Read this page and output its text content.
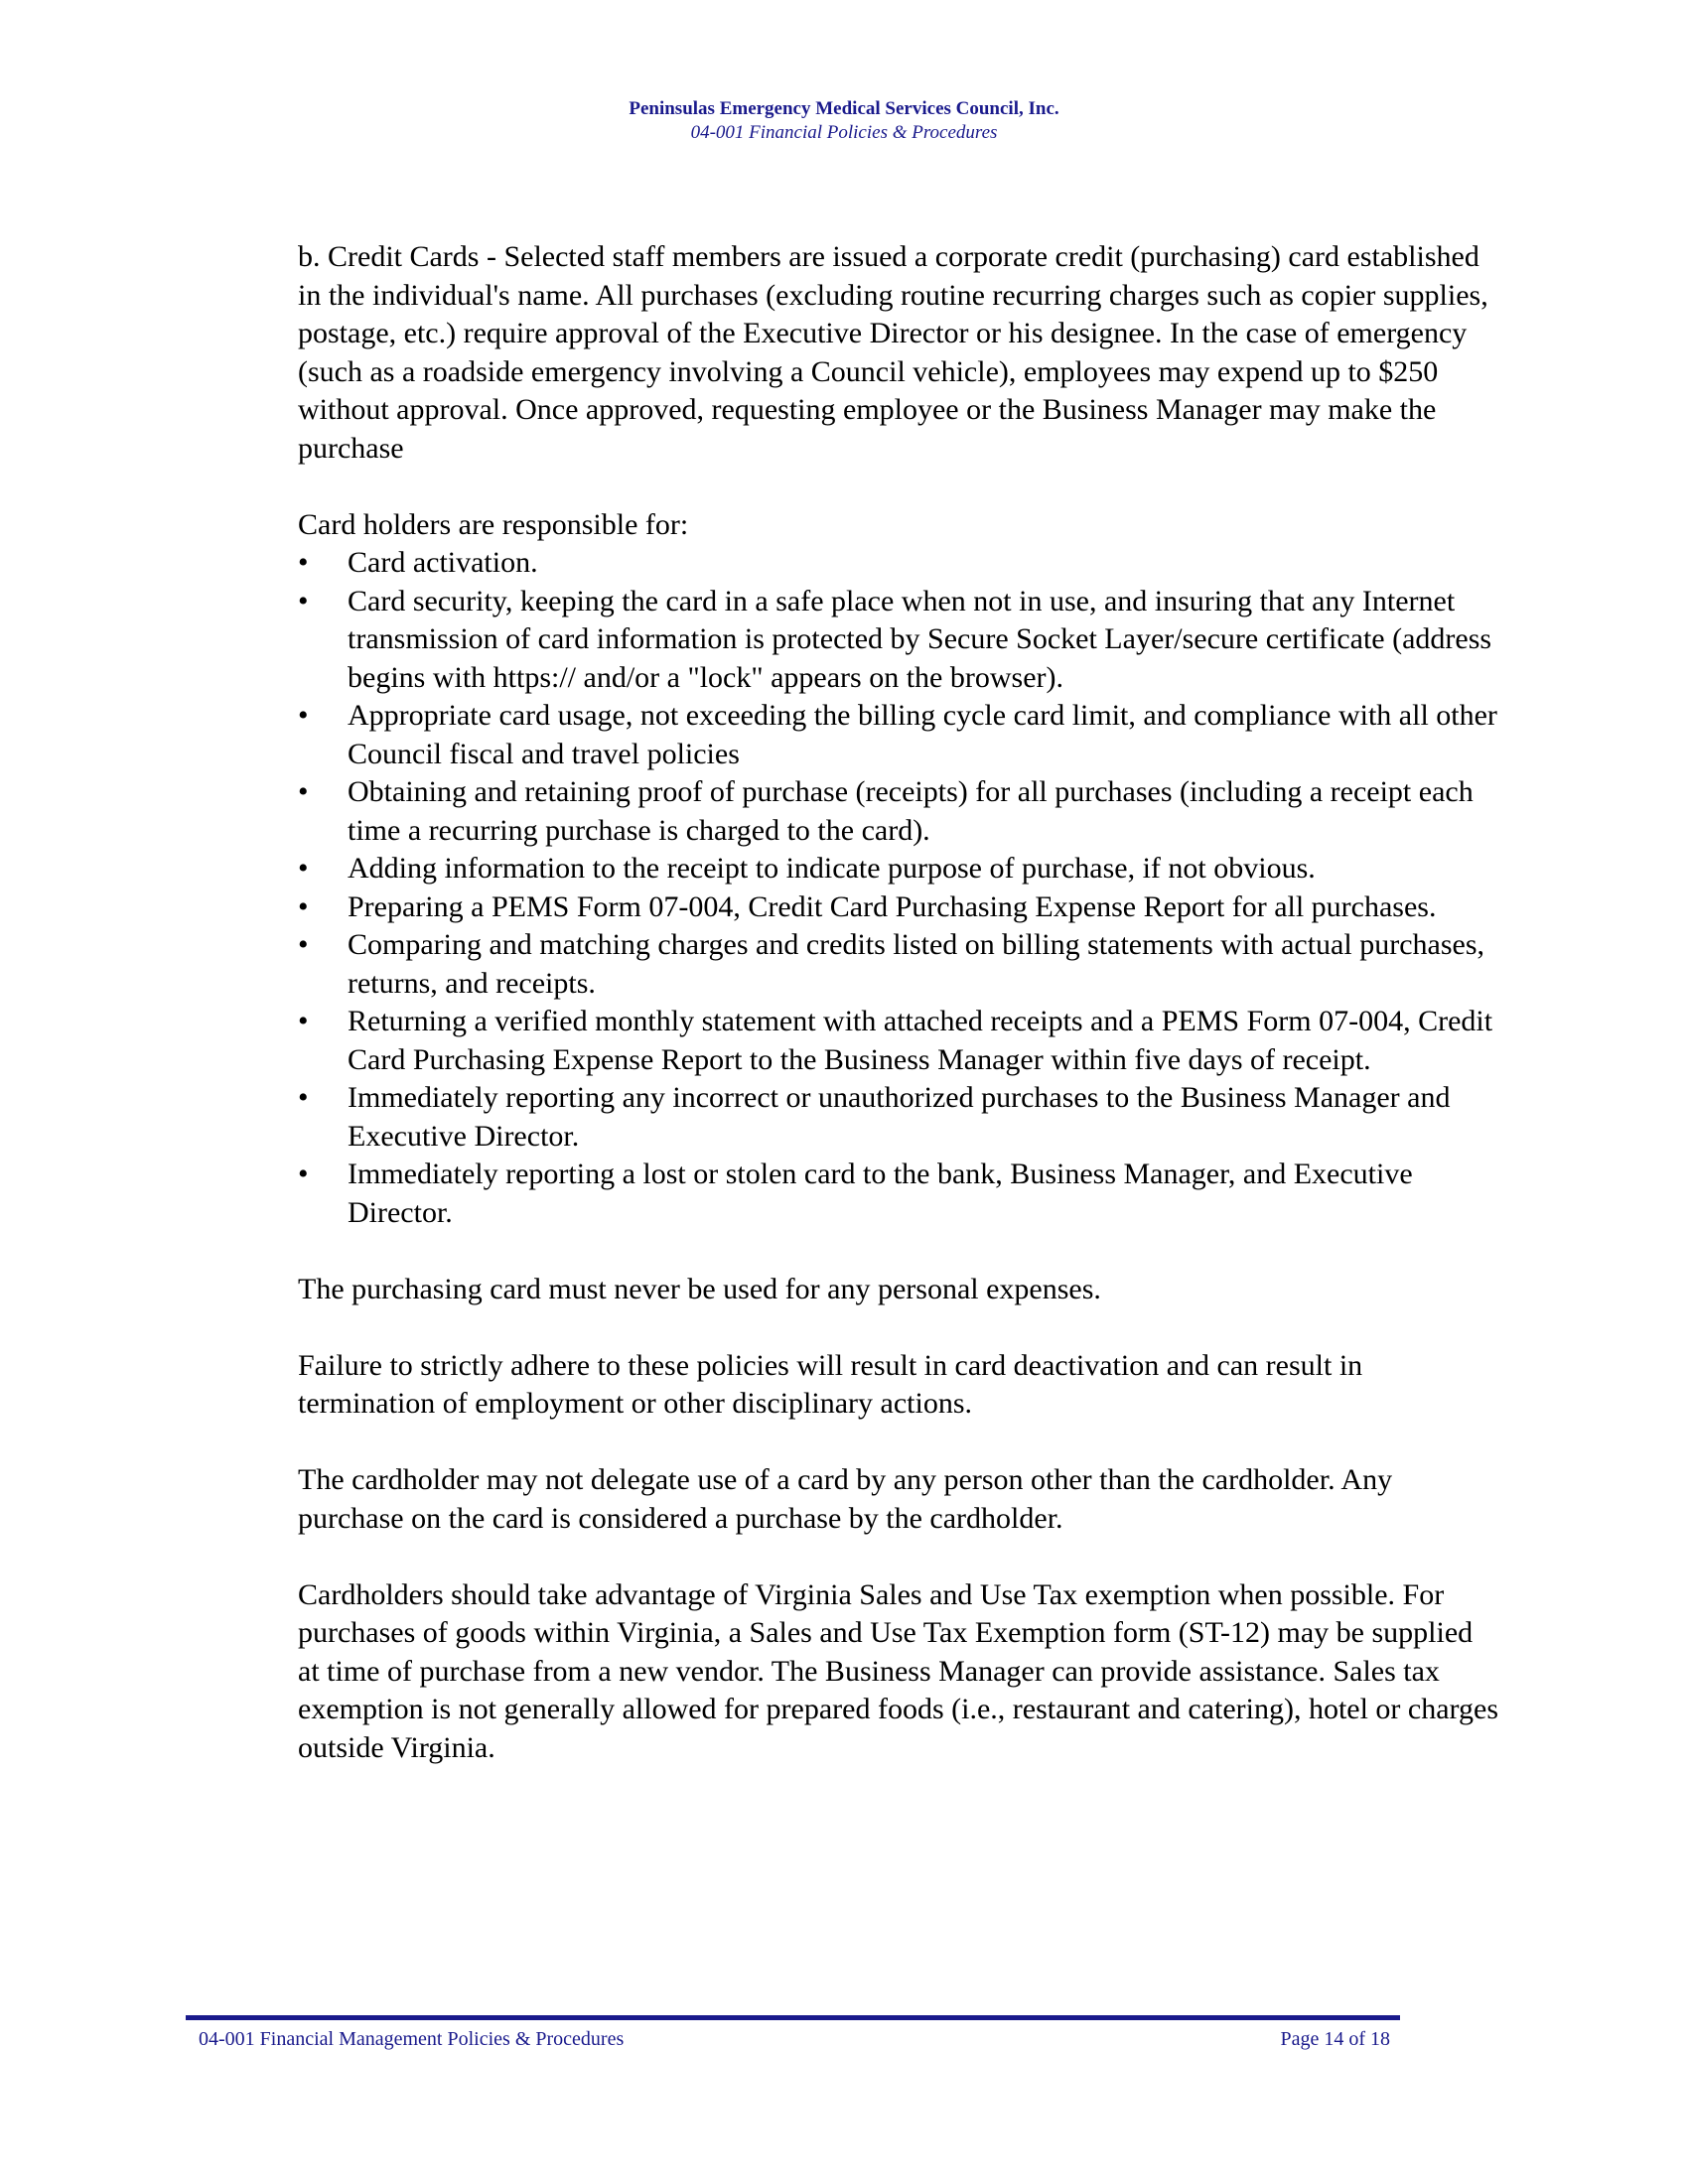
Peninsulas Emergency Medical Services Council, Inc.
04-001 Financial Policies & Procedures

b. Credit Cards - Selected staff members are issued a corporate credit (purchasing) card established in the individual's name. All purchases (excluding routine recurring charges such as copier supplies, postage, etc.) require approval of the Executive Director or his designee. In the case of emergency (such as a roadside emergency involving a Council vehicle), employees may expend up to $250 without approval. Once approved, requesting employee or the Business Manager may make the purchase

Card holders are responsible for:

• Card activation.
• Card security, keeping the card in a safe place when not in use, and insuring that any Internet transmission of card information is protected by Secure Socket Layer/secure certificate (address begins with https:// and/or a "lock" appears on the browser).
• Appropriate card usage, not exceeding the billing cycle card limit, and compliance with all other Council fiscal and travel policies
• Obtaining and retaining proof of purchase (receipts) for all purchases (including a receipt each time a recurring purchase is charged to the card).
• Adding information to the receipt to indicate purpose of purchase, if not obvious.
• Preparing a PEMS Form 07-004, Credit Card Purchasing Expense Report for all purchases.
• Comparing and matching charges and credits listed on billing statements with actual purchases, returns, and receipts.
• Returning a verified monthly statement with attached receipts and a PEMS Form 07-004, Credit Card Purchasing Expense Report to the Business Manager within five days of receipt.
• Immediately reporting any incorrect or unauthorized purchases to the Business Manager and Executive Director.
• Immediately reporting a lost or stolen card to the bank, Business Manager, and Executive Director.

The purchasing card must never be used for any personal expenses.

Failure to strictly adhere to these policies will result in card deactivation and can result in termination of employment or other disciplinary actions.

The cardholder may not delegate use of a card by any person other than the cardholder. Any purchase on the card is considered a purchase by the cardholder.

Cardholders should take advantage of Virginia Sales and Use Tax exemption when possible. For purchases of goods within Virginia, a Sales and Use Tax Exemption form (ST-12) may be supplied at time of purchase from a new vendor. The Business Manager can provide assistance. Sales tax exemption is not generally allowed for prepared foods (i.e., restaurant and catering), hotel or charges outside Virginia.

04-001 Financial Management Policies & Procedures	Page 14 of 18
